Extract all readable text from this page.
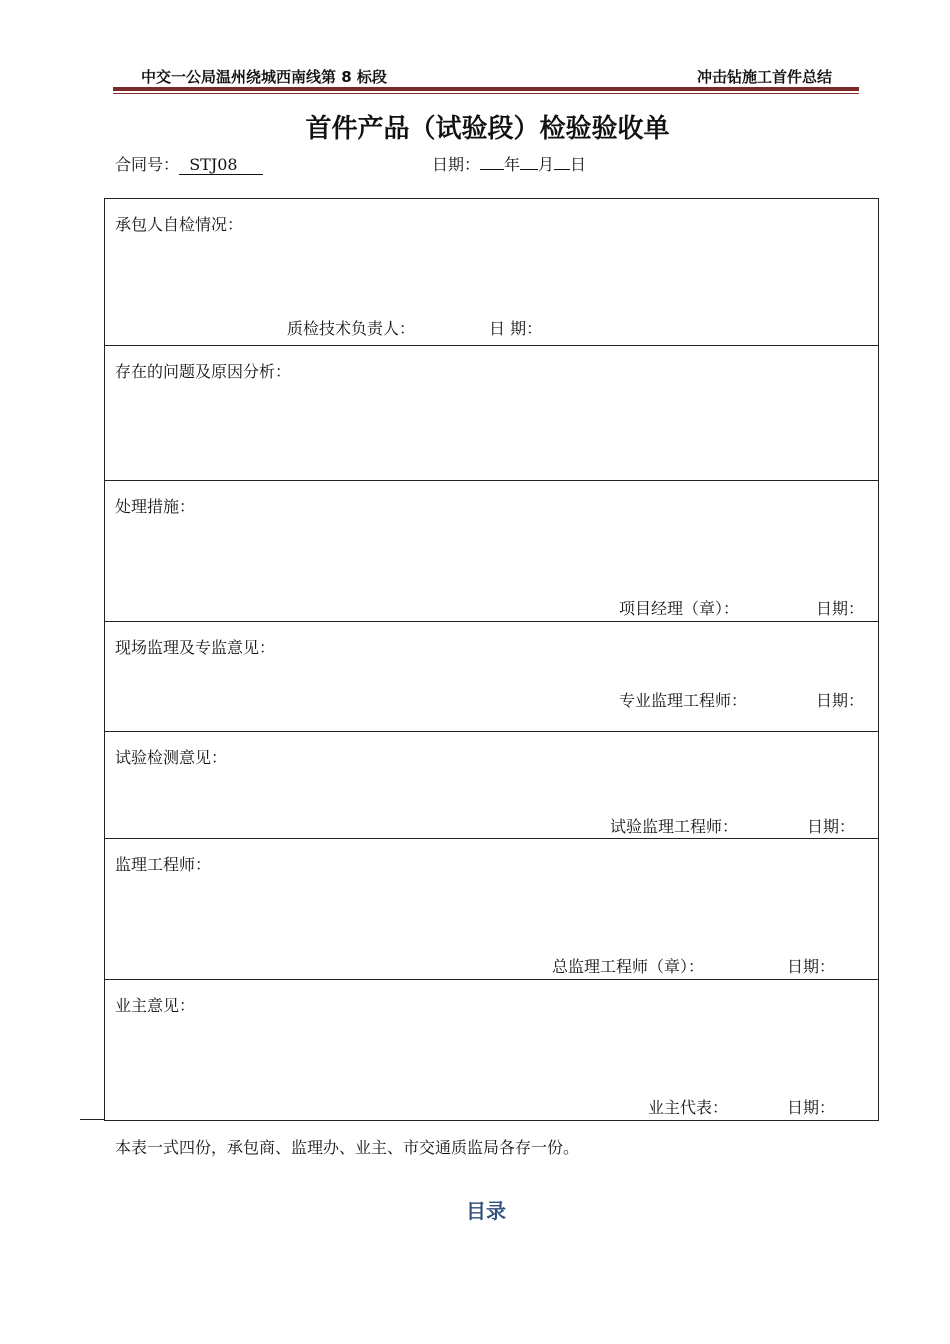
中交一公局温州绕城西南线第 8 标段	冲击钻施工首件总结
首件产品（试验段）检验验收单
合同号： STJ08	日期： 年 月 日
承包人自检情况：
质检技术负责人：	日 期：
存在的问题及原因分析：
处理措施：
项目经理（章）：	日期：
现场监理及专监意见：
专业监理工程师：	日期：
试验检测意见：
试验监理工程师：	日期：
监理工程师：
总监理工程师（章）：	日期：
业主意见：
业主代表：	日期：
本表一式四份，承包商、监理办、业主、市交通质监局各存一份。
目录
